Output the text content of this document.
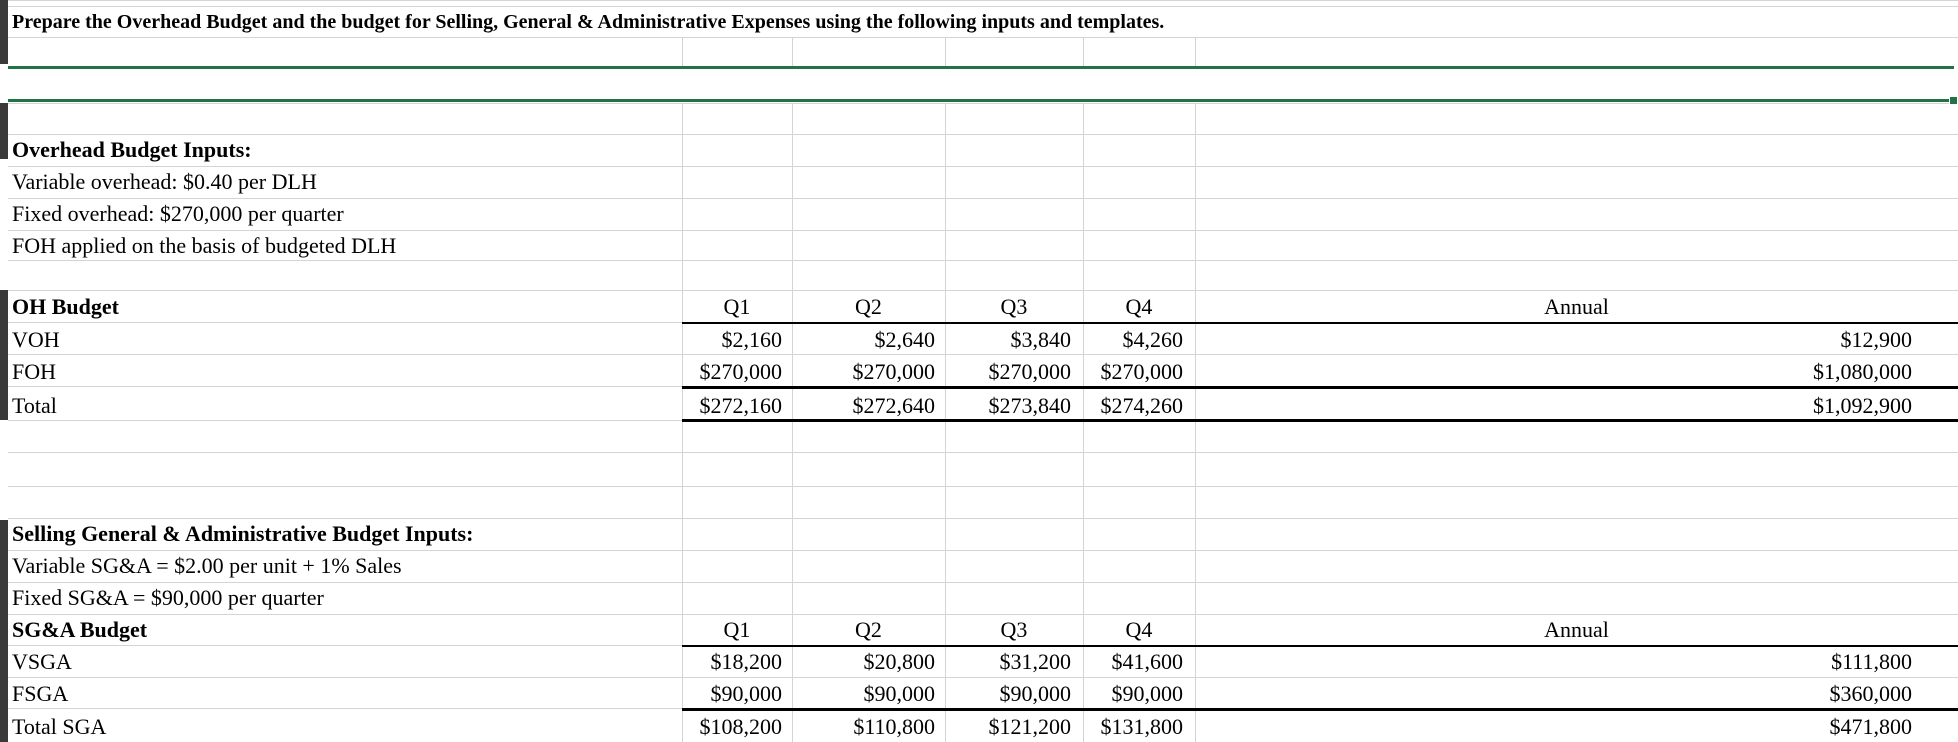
Prepare the Overhead Budget and the budget for Selling, General & Administrative Expenses using the following inputs and templates.
Overhead Budget Inputs:
Variable overhead: $0.40 per DLH
Fixed overhead: $270,000 per quarter
FOH applied on the basis of budgeted DLH
OH Budget	Q1	Q2	Q3	Q4	Annual
VOH	$2,160	$2,640	$3,840	$4,260	$12,900
FOH	$270,000	$270,000	$270,000	$270,000	$1,080,000
Total	$272,160	$272,640	$273,840	$274,260	$1,092,900
Selling General & Administrative Budget Inputs:
Variable SG&A = $2.00 per unit + 1% Sales
Fixed SG&A = $90,000 per quarter
SG&A Budget	Q1	Q2	Q3	Q4	Annual
VSGA	$18,200	$20,800	$31,200	$41,600	$111,800
FSGA	$90,000	$90,000	$90,000	$90,000	$360,000
Total SGA	$108,200	$110,800	$121,200	$131,800	$471,800
